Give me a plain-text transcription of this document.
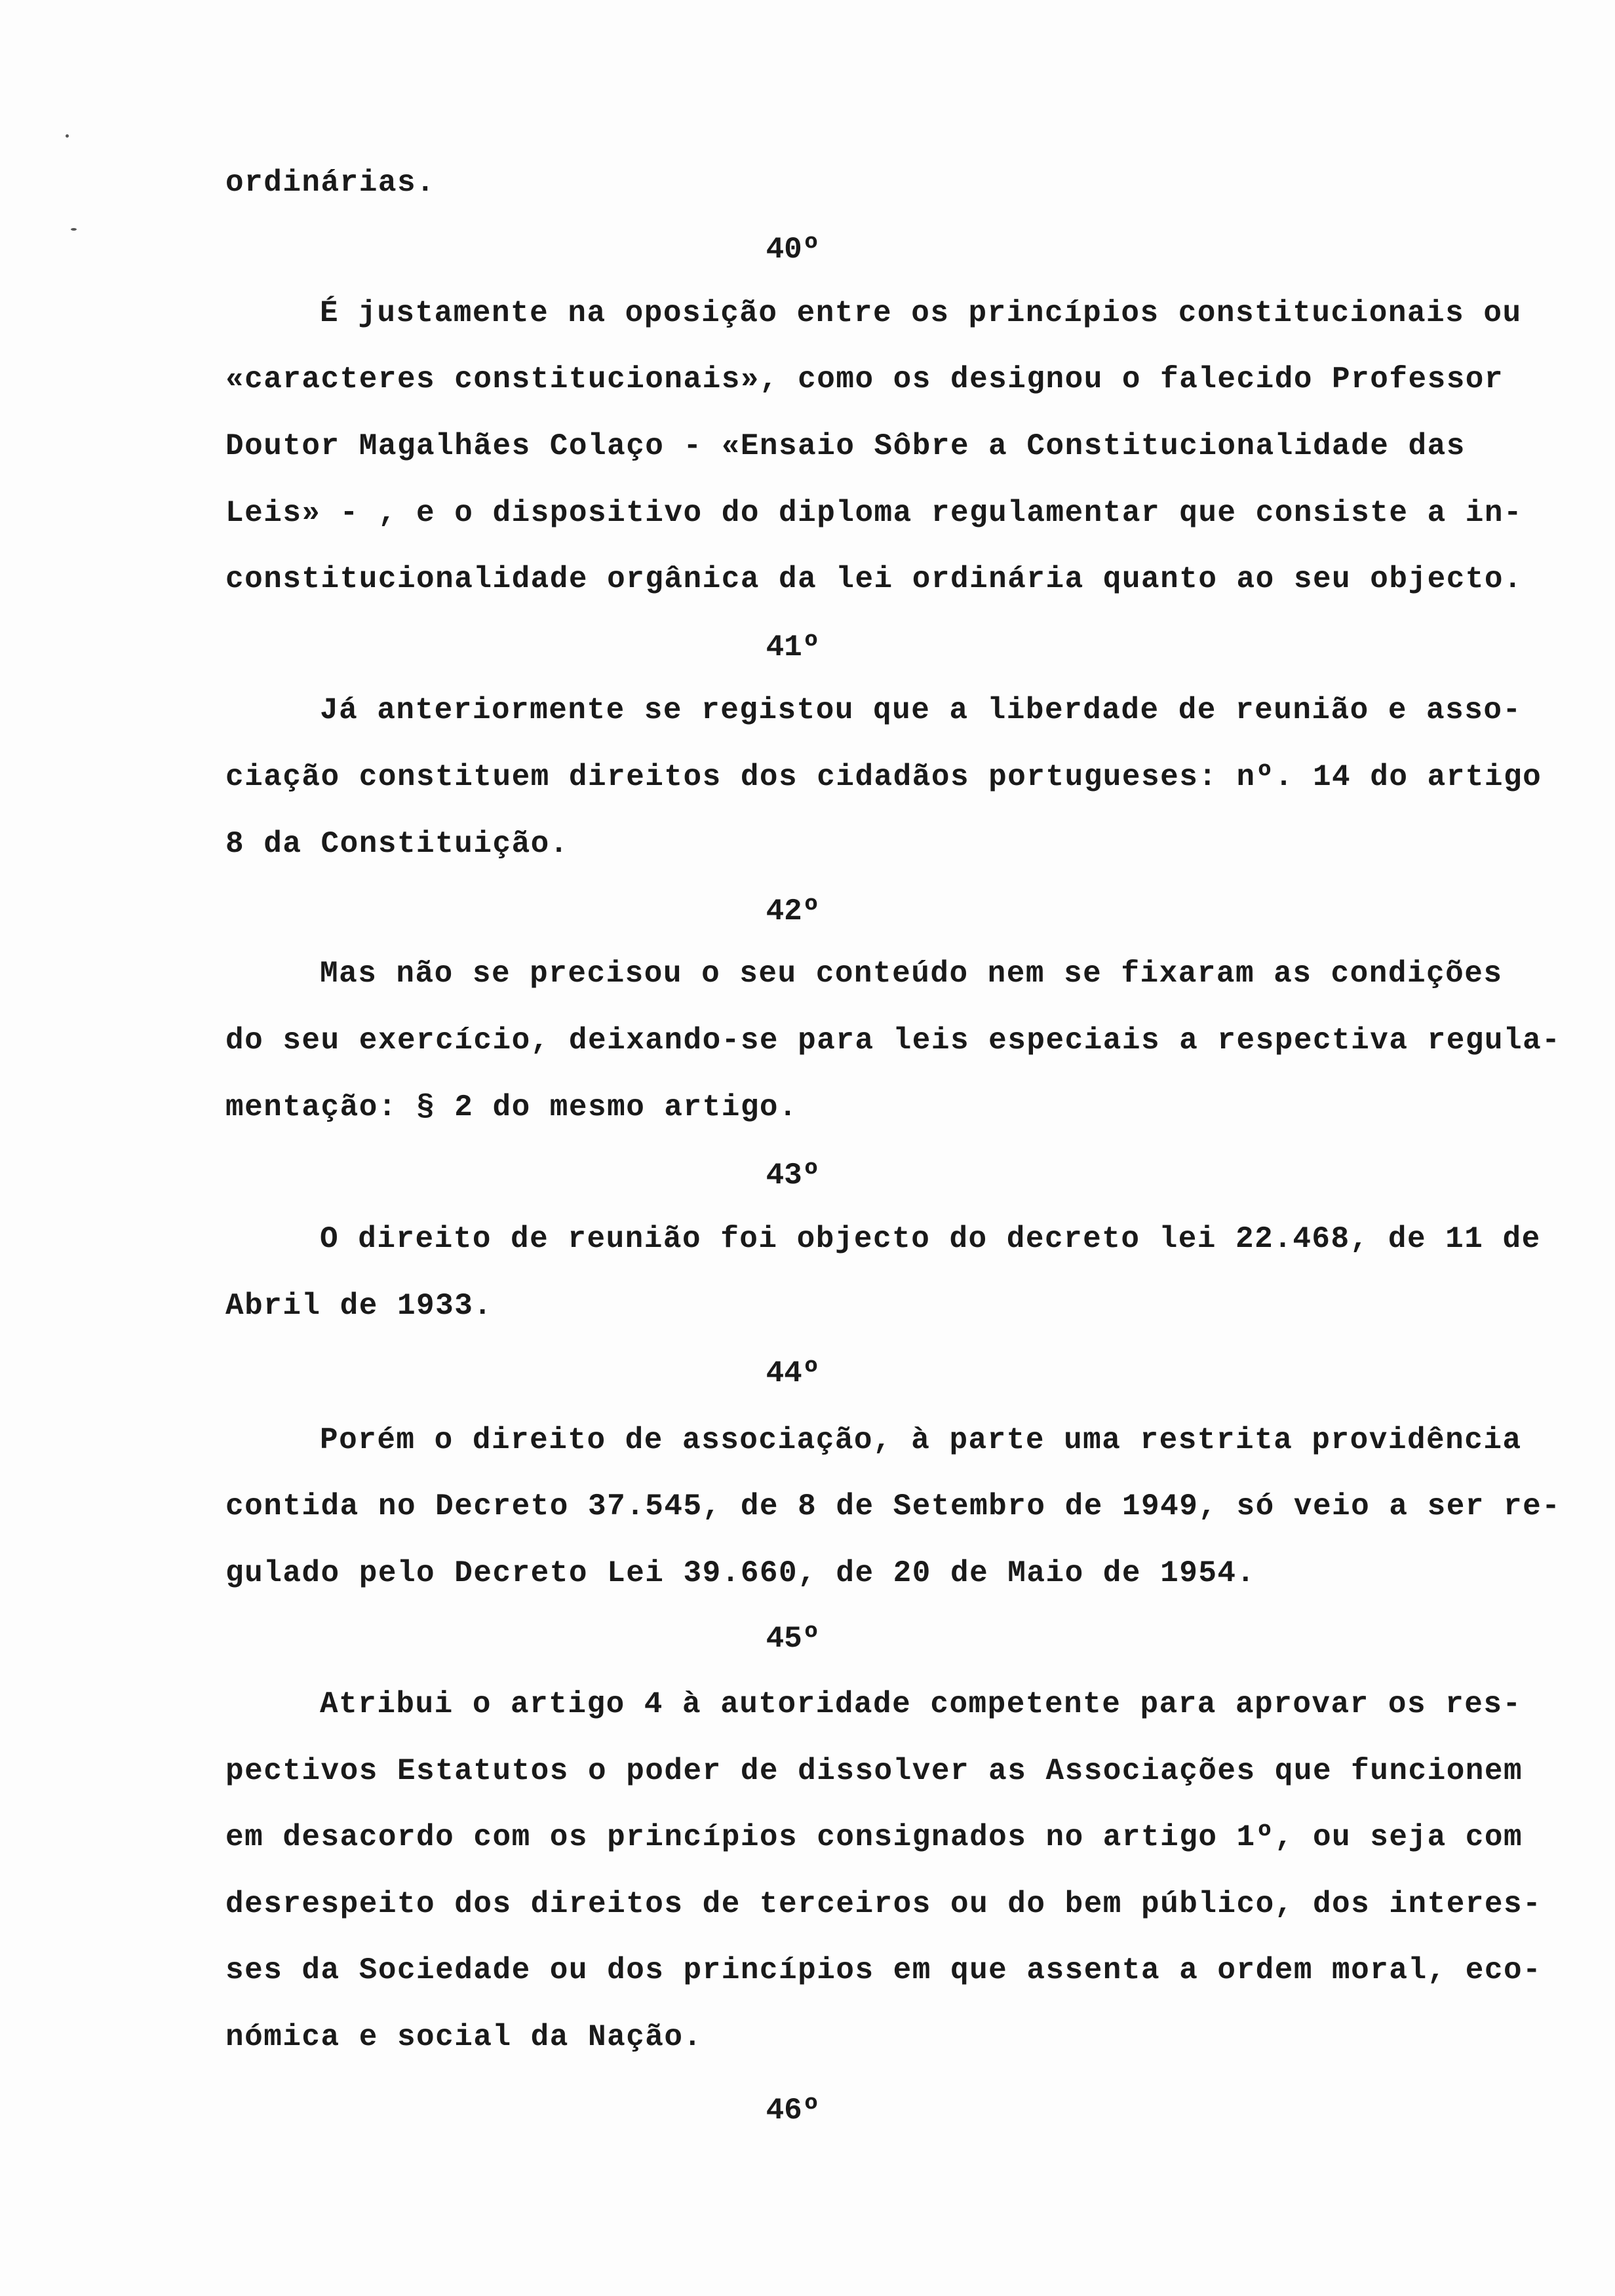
ordinárias.
40º
É justamente na oposição entre os princípios constitucionais ou
«caracteres constitucionais», como os designou o falecido Professor
Doutor Magalhães Colaço - «Ensaio Sôbre a Constitucionalidade das
Leis» - , e o dispositivo do diploma regulamentar que consiste a in-
constitucionalidade orgânica da lei ordinária quanto ao seu objecto.
41º
Já anteriormente se registou que a liberdade de reunião e asso-
ciação constituem direitos dos cidadãos portugueses: nº. 14 do artigo
8 da Constituição.
42º
Mas não se precisou o seu conteúdo nem se fixaram as condições
do seu exercício, deixando-se para leis especiais a respectiva regula-
mentação: § 2 do mesmo artigo.
43º
O direito de reunião foi objecto do decreto lei 22.468, de 11 de
Abril de 1933.
44º
Porém o direito de associação, à parte uma restrita providência
contida no Decreto 37.545, de 8 de Setembro de 1949, só veio a ser re-
gulado pelo Decreto Lei 39.660, de 20 de Maio de 1954.
45º
Atribui o artigo 4 à autoridade competente para aprovar os res-
pectivos Estatutos o poder de dissolver as Associações que funcionem
em desacordo com os princípios consignados no artigo 1º, ou seja com
desrespeito dos direitos de terceiros ou do bem público, dos interes-
ses da Sociedade ou dos princípios em que assenta a ordem moral, eco-
nómica e social da Nação.
46º
